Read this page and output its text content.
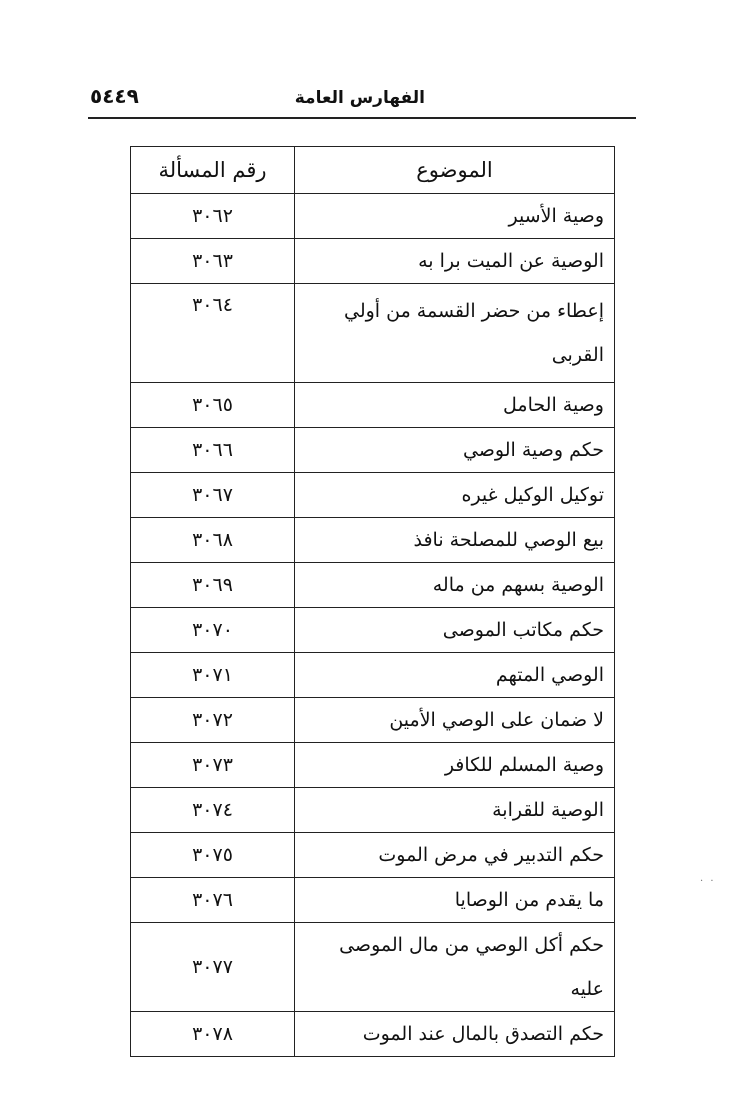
الفهارس العامة
٥٤٤٩
الموضوع	رقم المسألة
وصية الأسير	٣٠٦٢
الوصية عن الميت برا به	٣٠٦٣
إعطاء من حضر القسمة من أولي القربى	٣٠٦٤
وصية الحامل	٣٠٦٥
حكم وصية الوصي	٣٠٦٦
توكيل الوكيل غيره	٣٠٦٧
بيع الوصي للمصلحة نافذ	٣٠٦٨
الوصية بسهم من ماله	٣٠٦٩
حكم مكاتب الموصى	٣٠٧٠
الوصي المتهم	٣٠٧١
لا ضمان على الوصي الأمين	٣٠٧٢
وصية المسلم للكافر	٣٠٧٣
الوصية للقرابة	٣٠٧٤
حكم التدبير في مرض الموت	٣٠٧٥
ما يقدم من الوصايا	٣٠٧٦
حكم أكل الوصي من مال الموصى عليه	٣٠٧٧
حكم التصدق بالمال عند الموت	٣٠٧٨
· ·
